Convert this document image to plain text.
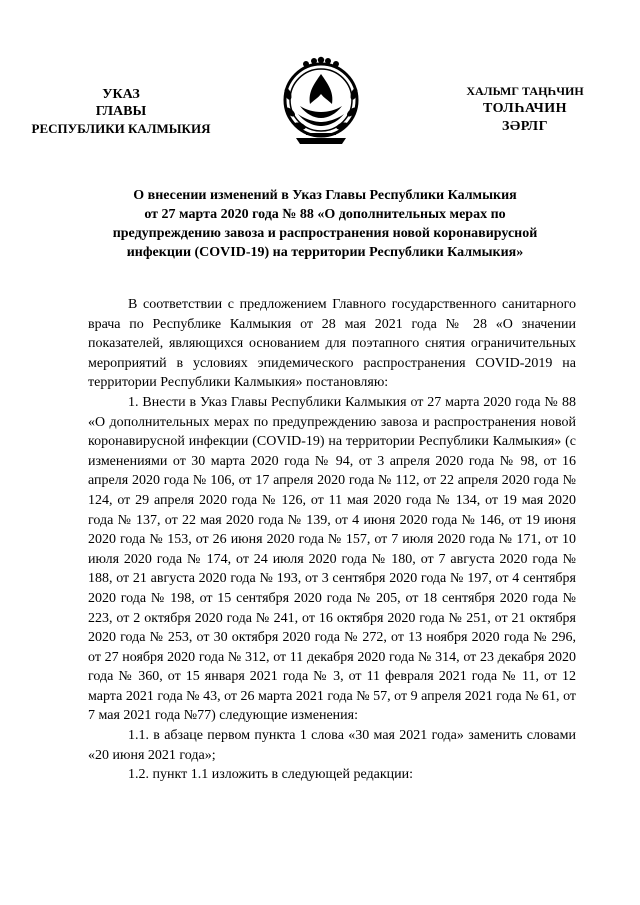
УКАЗ
ГЛАВЫ
РЕСПУБЛИКИ КАЛМЫКИЯ
ХАЛЬМГ ТАҢҺЧИН
ТОЛҺАЧИН
ЗӘРЛГ
О внесении изменений в Указ Главы Республики Калмыкия
от 27 марта 2020 года № 88 «О дополнительных мерах по
предупреждению завоза и распространения новой коронавирусной
инфекции (COVID-19) на территории Республики Калмыкия»

В соответствии с предложением Главного государственного санитарного врача по Республике Калмыкия от 28 мая 2021 года № 28 «О значении показателей, являющихся основанием для поэтапного снятия ограничительных мероприятий в условиях эпидемического распространения COVID-2019 на территории Республики Калмыкия» постановляю:

1. Внести в Указ Главы Республики Калмыкия от 27 марта 2020 года № 88 «О дополнительных мерах по предупреждению завоза и распространения новой коронавирусной инфекции (COVID-19) на территории Республики Калмыкия» (с изменениями от 30 марта 2020 года № 94, от 3 апреля 2020 года № 98, от 16 апреля 2020 года № 106, от 17 апреля 2020 года № 112, от 22 апреля 2020 года № 124, от 29 апреля 2020 года № 126, от 11 мая 2020 года № 134, от 19 мая 2020 года № 137, от 22 мая 2020 года № 139, от 4 июня 2020 года № 146, от 19 июня 2020 года № 153, от 26 июня 2020 года № 157, от 7 июля 2020 года № 171, от 10 июля 2020 года № 174, от 24 июля 2020 года № 180, от 7 августа 2020 года № 188, от 21 августа 2020 года № 193, от 3 сентября 2020 года № 197, от 4 сентября 2020 года № 198, от 15 сентября 2020 года № 205, от 18 сентября 2020 года № 223, от 2 октября 2020 года № 241, от 16 октября 2020 года № 251, от 21 октября 2020 года № 253, от 30 октября 2020 года № 272, от 13 ноября 2020 года № 296, от 27 ноября 2020 года № 312, от 11 декабря 2020 года № 314, от 23 декабря 2020 года № 360, от 15 января 2021 года № 3, от 11 февраля 2021 года № 11, от 12 марта 2021 года № 43, от 26 марта 2021 года № 57, от 9 апреля 2021 года № 61, от 7 мая 2021 года №77) следующие изменения:

1.1. в абзаце первом пункта 1 слова «30 мая 2021 года» заменить словами «20 июня 2021 года»;

1.2. пункт 1.1 изложить в следующей редакции:
